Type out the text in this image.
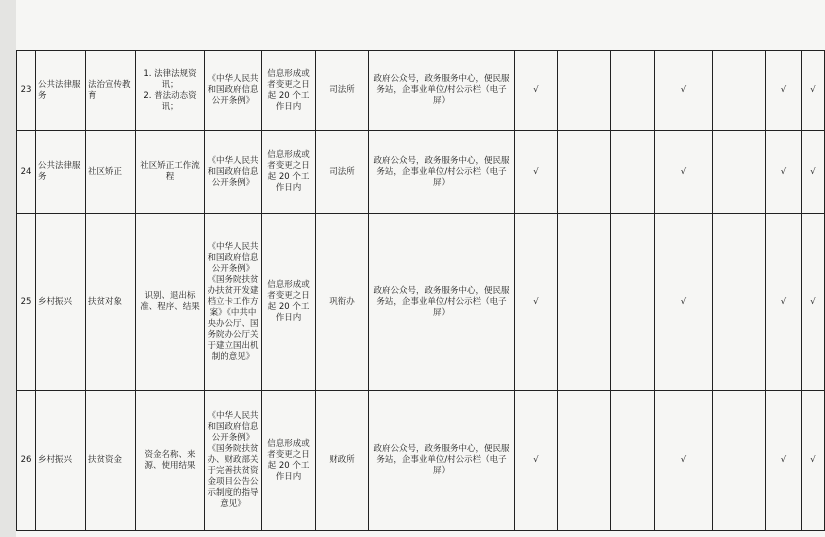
23	公共法律服务	法治宣传教育	1. 法律法规资讯；
2. 普法动态资讯；	《中华人民共和国政府信息公开条例》	信息形成或者变更之日起 20 个工作日内	司法所	政府公众号，政务服务中心，便民服务站，企事业单位/村公示栏（电子屏）	√			√		√	√
24	公共法律服务	社区矫正	社区矫正工作流程	《中华人民共和国政府信息公开条例》	信息形成或者变更之日起 20 个工作日内	司法所	政府公众号，政务服务中心，便民服务站，企事业单位/村公示栏（电子屏）	√			√		√	√
25	乡村振兴	扶贫对象	识别、退出标准、程序、结果	《中华人民共和国政府信息公开条例》《国务院扶贫办扶贫开发建档立卡工作方案》《中共中央办公厅、国务院办公厅关于建立国出机制的意见》	信息形成或者变更之日起 20 个工作日内	巩衔办	政府公众号，政务服务中心，便民服务站，企事业单位/村公示栏（电子屏）	√			√		√	√
26	乡村振兴	扶贫资金	资金名称、来源、使用结果	《中华人民共和国政府信息公开条例》《国务院扶贫办、财政部关于完善扶贫资金项目公告公示制度的指导意见》	信息形成或者变更之日起 20 个工作日内	财政所	政府公众号，政务服务中心，便民服务站，企事业单位/村公示栏（电子屏）	√			√		√	√
